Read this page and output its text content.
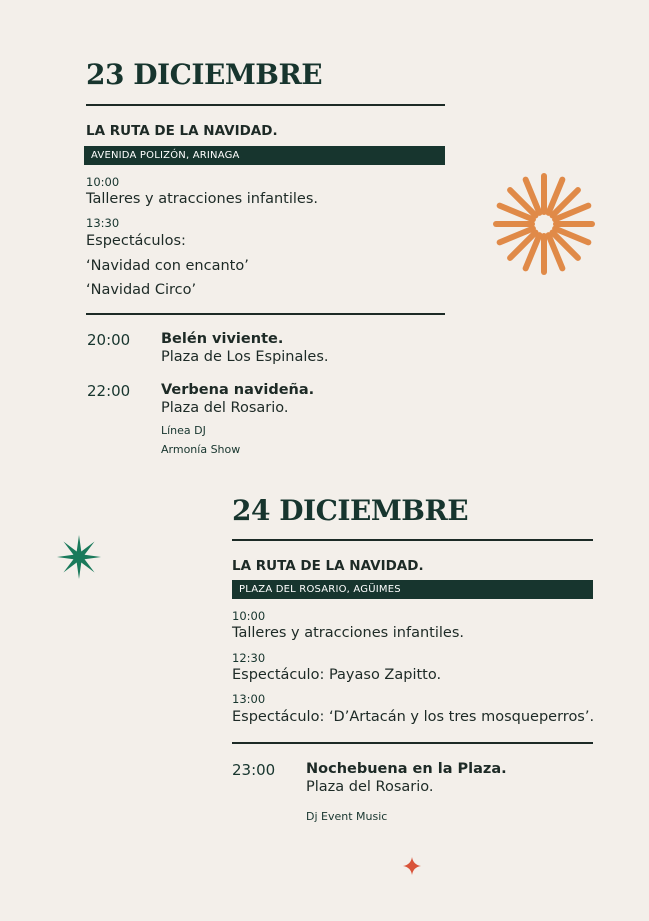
23 DICIEMBRE
LA RUTA DE LA NAVIDAD.
AVENIDA POLIZÓN, ARINAGA
10:00
Talleres y atracciones infantiles.
13:30
Espectáculos:
‘Navidad con encanto’
‘Navidad Circo’
20:00 Belén viviente.
Plaza de Los Espinales.
22:00 Verbena navideña.
Plaza del Rosario.
Línea DJ
Armonía Show
24 DICIEMBRE
LA RUTA DE LA NAVIDAD.
PLAZA DEL ROSARIO, AGÜIMES
10:00
Talleres y atracciones infantiles.
12:30
Espectáculo: Payaso Zapitto.
13:00
Espectáculo: ‘D’Artacán y los tres mosqueperros’.
23:00 Nochebuena en la Plaza.
Plaza del Rosario.
Dj Event Music
